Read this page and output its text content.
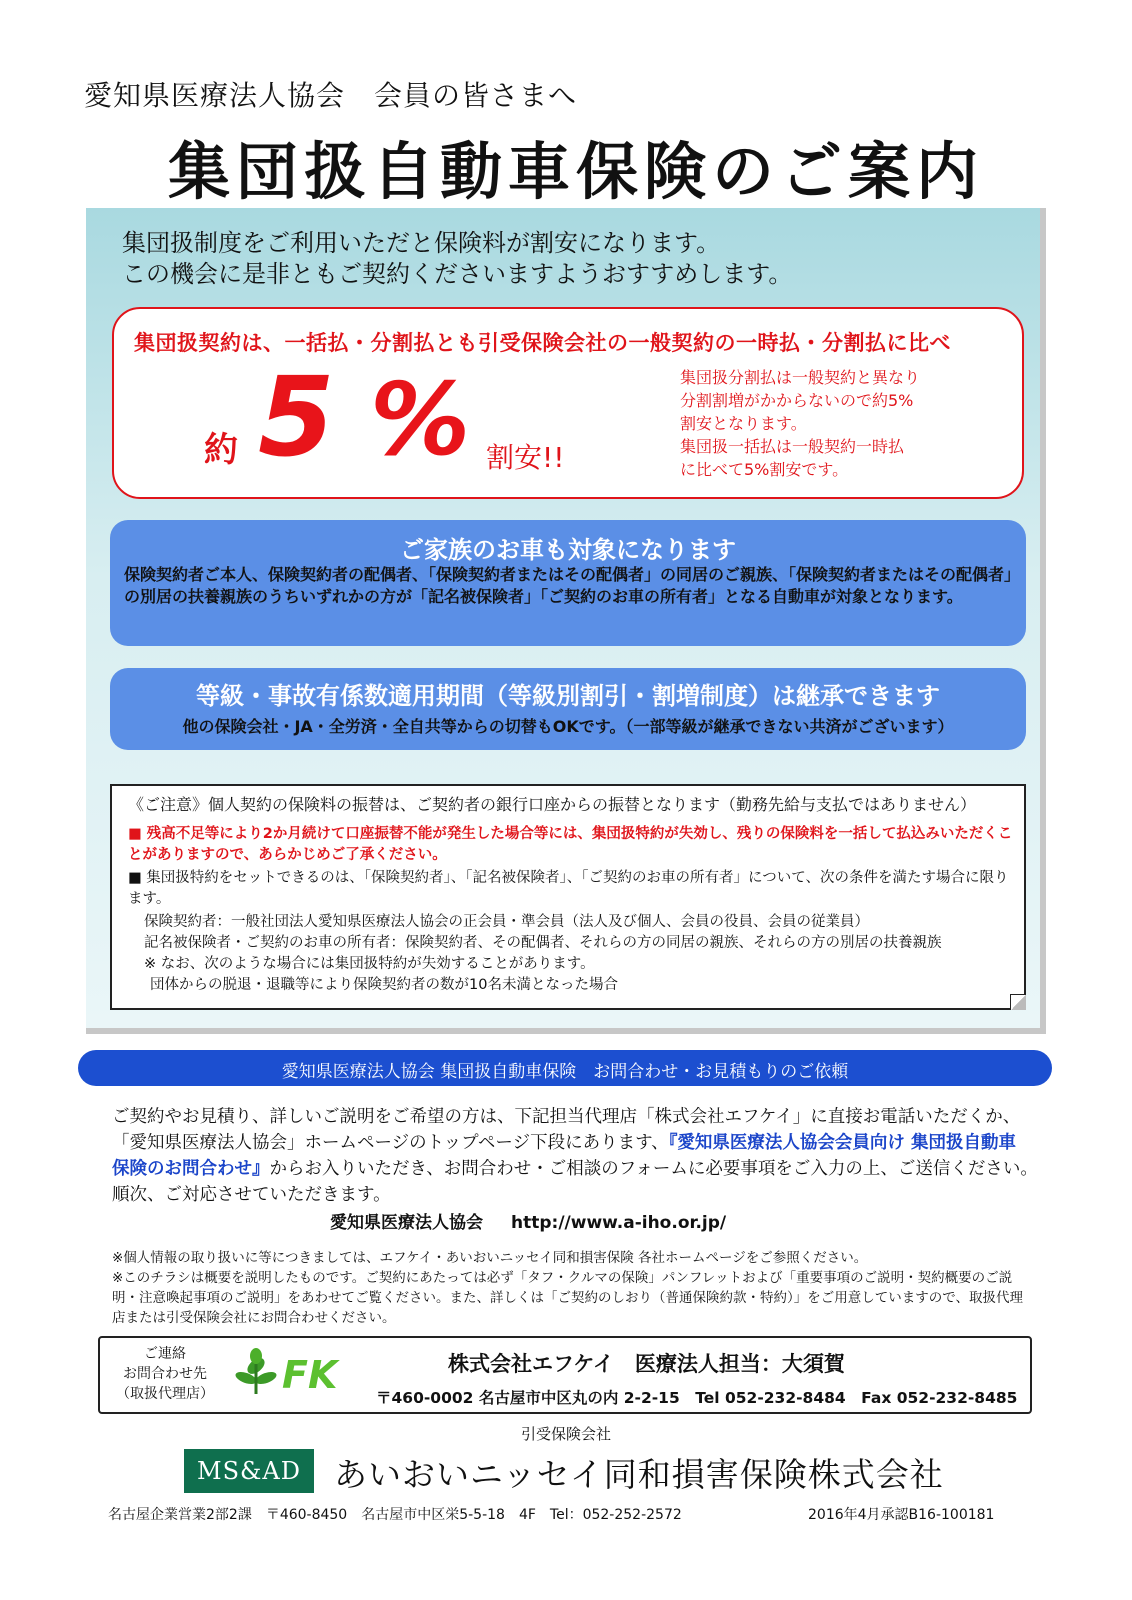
愛知県医療法人協会　会員の皆さまへ
集団扱自動車保険のご案内
集団扱制度をご利用いただと保険料が割安になります。
この機会に是非ともご契約くださいますようおすすめします。
集団扱契約は、一括払・分割払とも引受保険会社の一般契約の一時払・分割払に比べ
約 5 % 割安!!
集団扱分割払は一般契約と異なり
分割割増がかからないので約5%
割安となります。
集団扱一括払は一般契約一時払
に比べて5%割安です。
ご家族のお車も対象になります
保険契約者ご本人、保険契約者の配偶者、「保険契約者またはその配偶者」の同居のご親族、「保険契約者またはその配偶者」の別居の扶養親族のうちいずれかの方が「記名被保険者」「ご契約のお車の所有者」となる自動車が対象となります。
等級・事故有係数適用期間（等級別割引・割増制度）は継承できます
他の保険会社・JA・全労済・全自共等からの切替もOKです。（一部等級が継承できない共済がございます）
《ご注意》個人契約の保険料の振替は、ご契約者の銀行口座からの振替となります（勤務先給与支払ではありません）
■ 残高不足等により2か月続けて口座振替不能が発生した場合等には、集団扱特約が失効し、残りの保険料を一括して払込みいただくことがありますので、あらかじめご了承ください。
■ 集団扱特約をセットできるのは、「保険契約者」、「記名被保険者」、「ご契約のお車の所有者」について、次の条件を満たす場合に限ります。
保険契約者：一般社団法人愛知県医療法人協会の正会員・準会員（法人及び個人、会員の役員、会員の従業員）
記名被保険者・ご契約のお車の所有者：保険契約者、その配偶者、それらの方の同居の親族、それらの方の別居の扶養親族
※ なお、次のような場合には集団扱特約が失効することがあります。
団体からの脱退・退職等により保険契約者の数が10名未満となった場合
愛知県医療法人協会 集団扱自動車保険　お問合わせ・お見積もりのご依頼
ご契約やお見積り、詳しいご説明をご希望の方は、下記担当代理店「株式会社エフケイ」に直接お電話いただくか、「愛知県医療法人協会」ホームページのトップページ下段にあります、『愛知県医療法人協会会員向け 集団扱自動車保険のお問合わせ』からお入りいただき、お問合わせ・ご相談のフォームに必要事項をご入力の上、ご送信ください。　順次、ご対応させていただきます。
愛知県医療法人協会 http://www.a-iho.or.jp/
※個人情報の取り扱いに等につきましては、エフケイ・あいおいニッセイ同和損害保険 各社ホームページをご参照ください。
※このチラシは概要を説明したものです。ご契約にあたっては必ず「タフ・クルマの保険」パンフレットおよび「重要事項のご説明・契約概要のご説明・注意喚起事項のご説明」をあわせてご覧ください。また、詳しくは「ご契約のしおり（普通保険約款・特約）」をご用意していますので、取扱代理店または引受保険会社にお問合わせください。
ご連絡
お問合わせ先
（取扱代理店） FK	株式会社エフケイ　医療法人担当：大須賀
〒460-0002 名古屋市中区丸の内 2-2-15　Tel 052-232-8484　Fax 052-232-8485
引受保険会社
MS&AD	あいおいニッセイ同和損害保険株式会社
名古屋企業営業2部2課　〒460-8450　名古屋市中区栄5-5-18　4F　Tel：052-252-2572	2016年4月承認B16-100181
